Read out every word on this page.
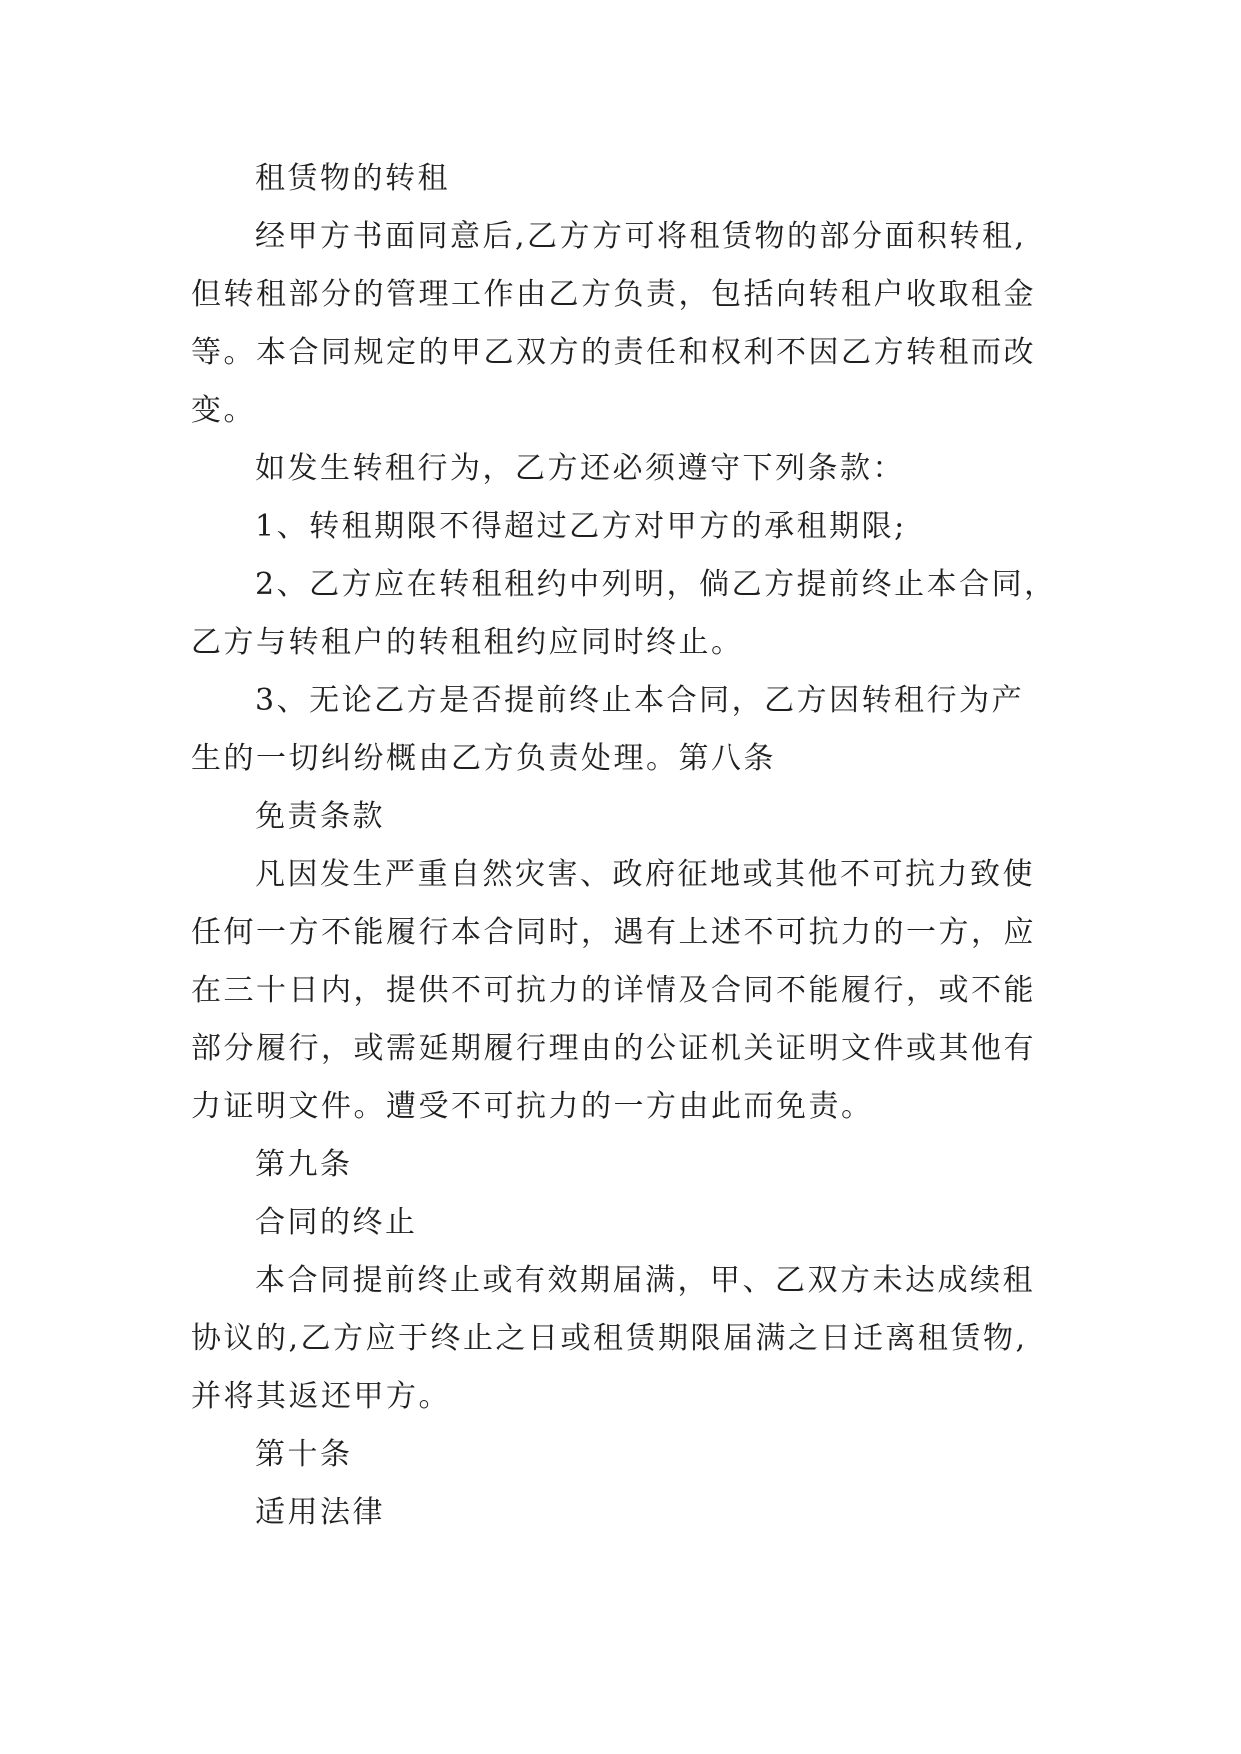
租赁物的转租
经甲方书面同意后,乙方方可将租赁物的部分面积转租,
但转租部分的管理工作由乙方负责，包括向转租户收取租金
等。本合同规定的甲乙双方的责任和权利不因乙方转租而改
变。
如发生转租行为，乙方还必须遵守下列条款：
1、转租期限不得超过乙方对甲方的承租期限;
2、乙方应在转租租约中列明，倘乙方提前终止本合同，
乙方与转租户的转租租约应同时终止。
3、无论乙方是否提前终止本合同，乙方因转租行为产
生的一切纠纷概由乙方负责处理。第八条
免责条款
凡因发生严重自然灾害、政府征地或其他不可抗力致使
任何一方不能履行本合同时，遇有上述不可抗力的一方，应
在三十日内，提供不可抗力的详情及合同不能履行，或不能
部分履行，或需延期履行理由的公证机关证明文件或其他有
力证明文件。遭受不可抗力的一方由此而免责。
第九条
合同的终止
本合同提前终止或有效期届满，甲、乙双方未达成续租
协议的,乙方应于终止之日或租赁期限届满之日迁离租赁物,
并将其返还甲方。
第十条
适用法律
